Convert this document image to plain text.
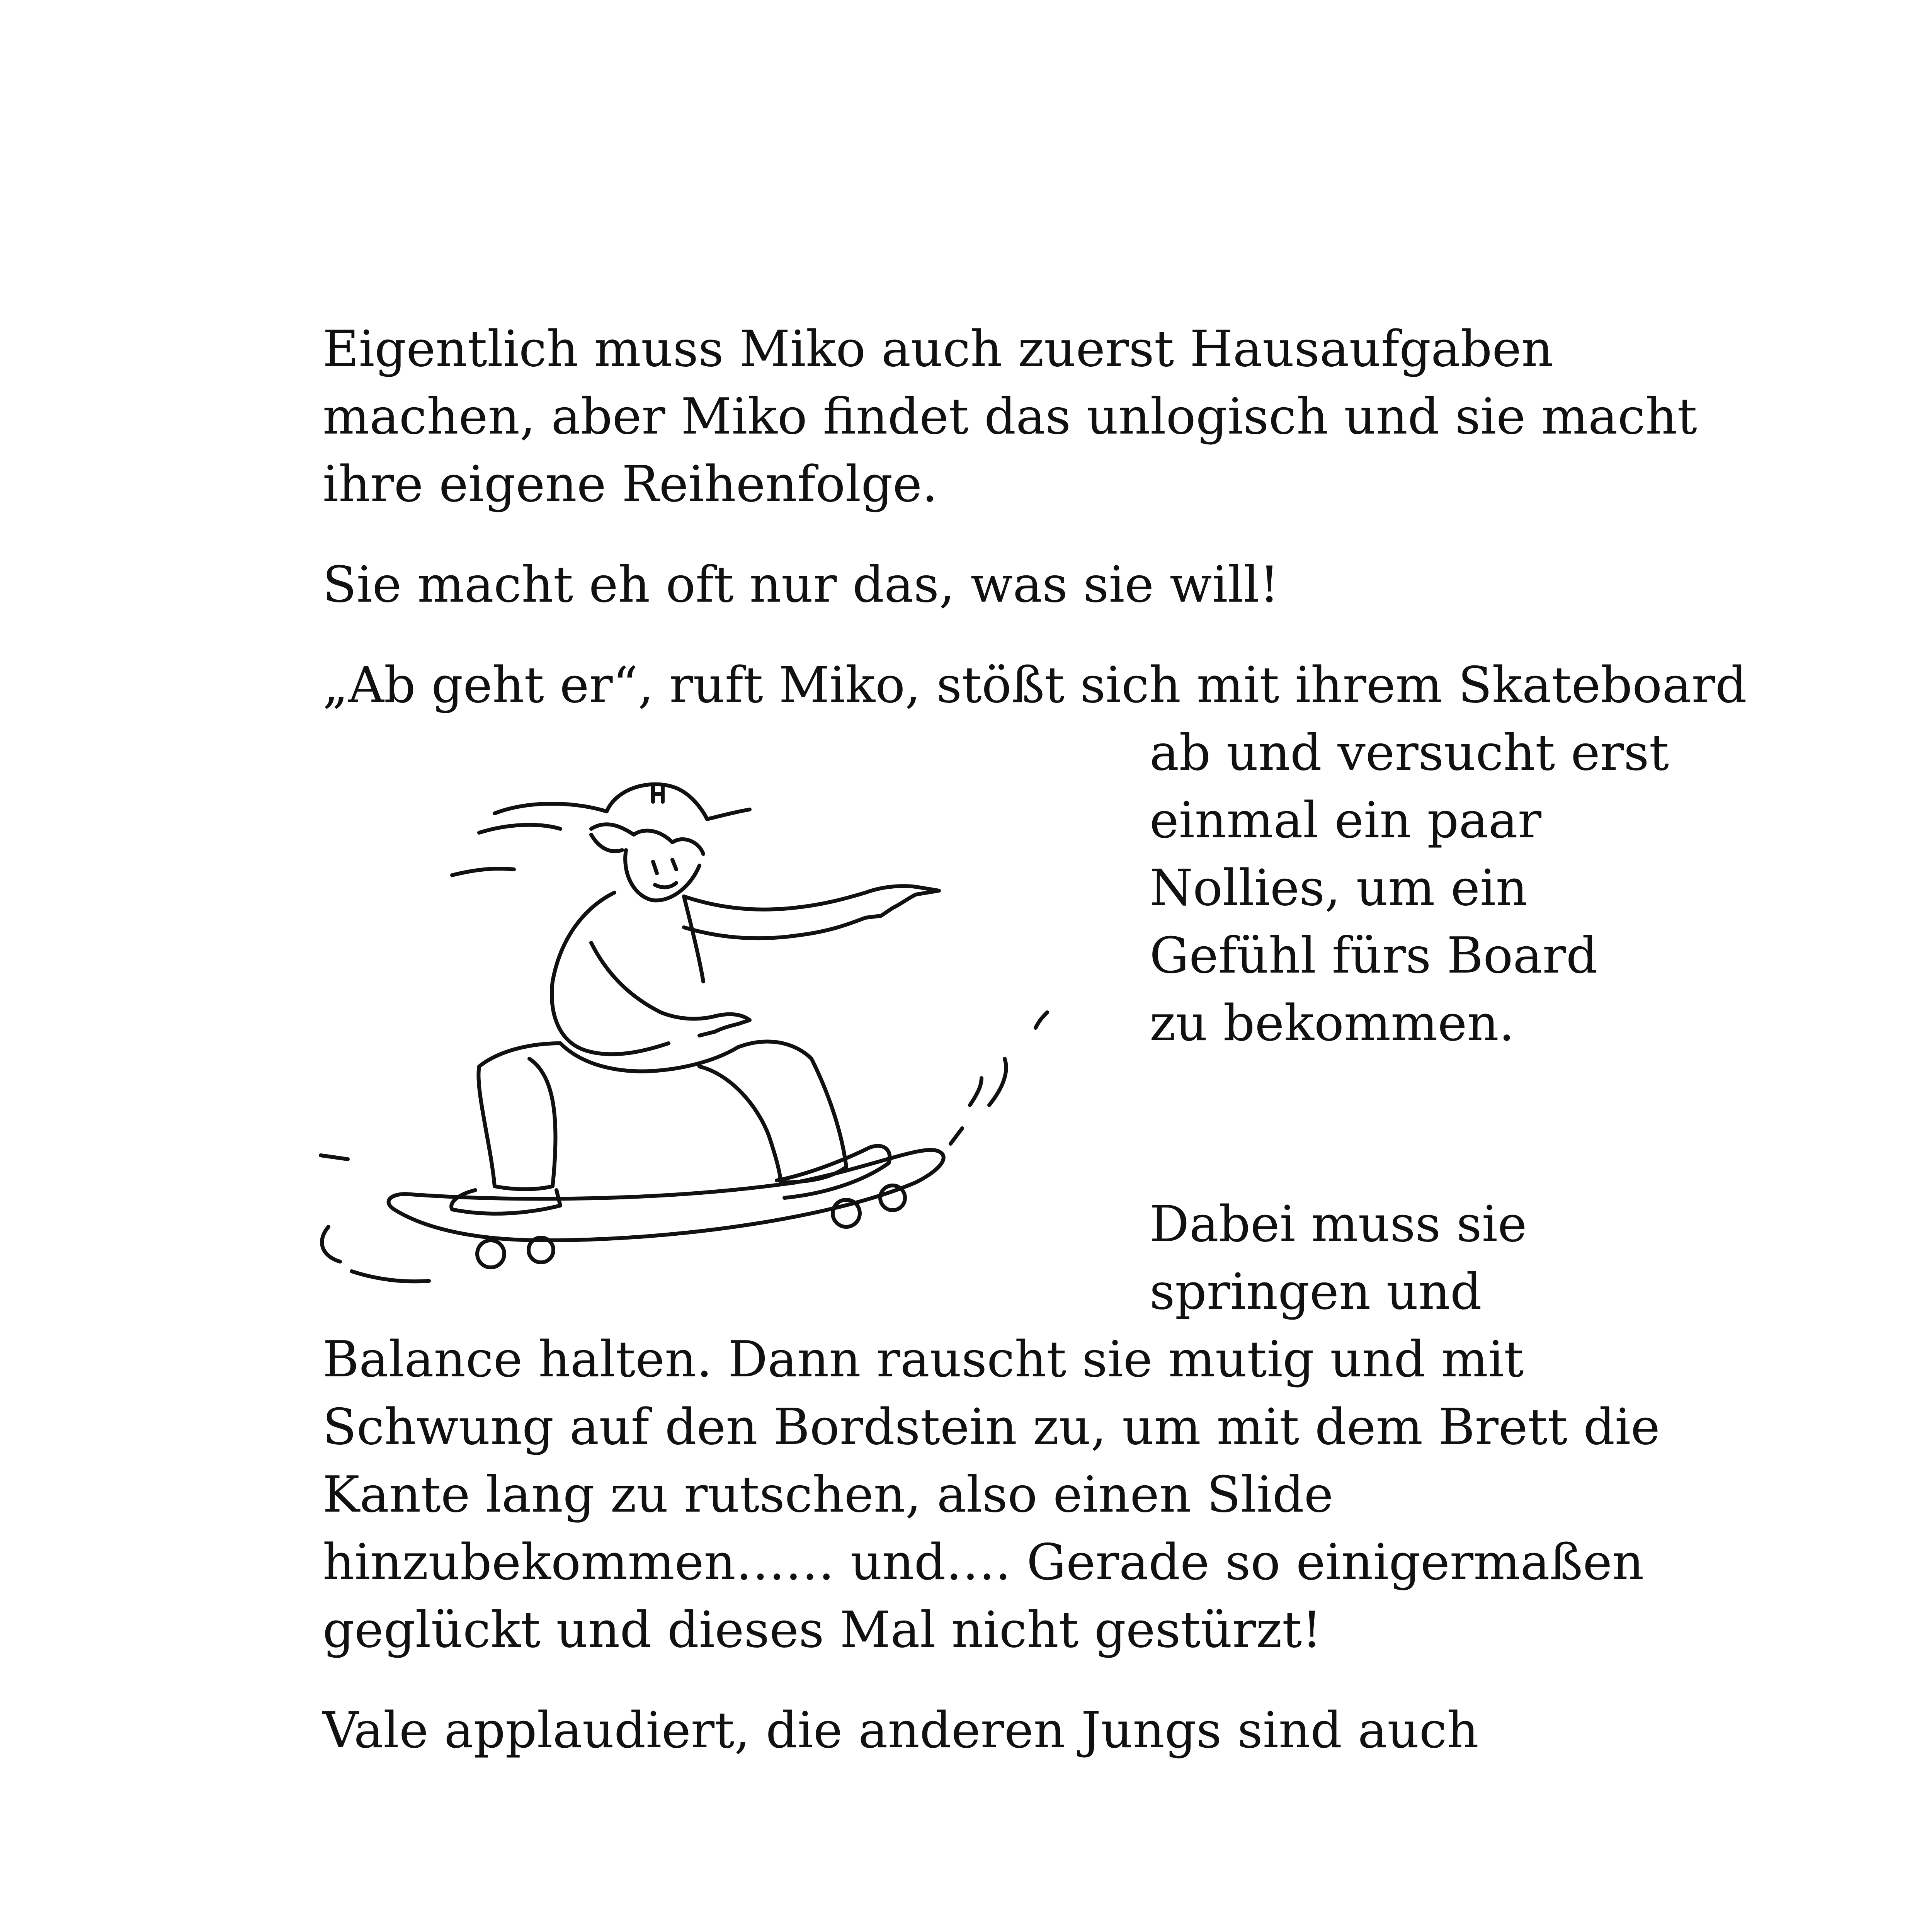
Eigentlich muss Miko auch zuerst Hausaufgaben
machen, aber Miko findet das unlogisch und sie macht
ihre eigene Reihenfolge.
Sie macht eh oft nur das, was sie will!
„Ab geht er“, ruft Miko, stößt sich mit ihrem Skateboard
ab und versucht erst
einmal ein paar
Nollies, um ein
Gefühl fürs Board
zu bekommen.
Dabei muss sie
springen und
Balance halten. Dann rauscht sie mutig und mit
Schwung auf den Bordstein zu, um mit dem Brett die
Kante lang zu rutschen, also einen Slide
hinzubekommen…… und…. Gerade so einigermaßen
geglückt und dieses Mal nicht gestürzt!
Vale applaudiert, die anderen Jungs sind auch
